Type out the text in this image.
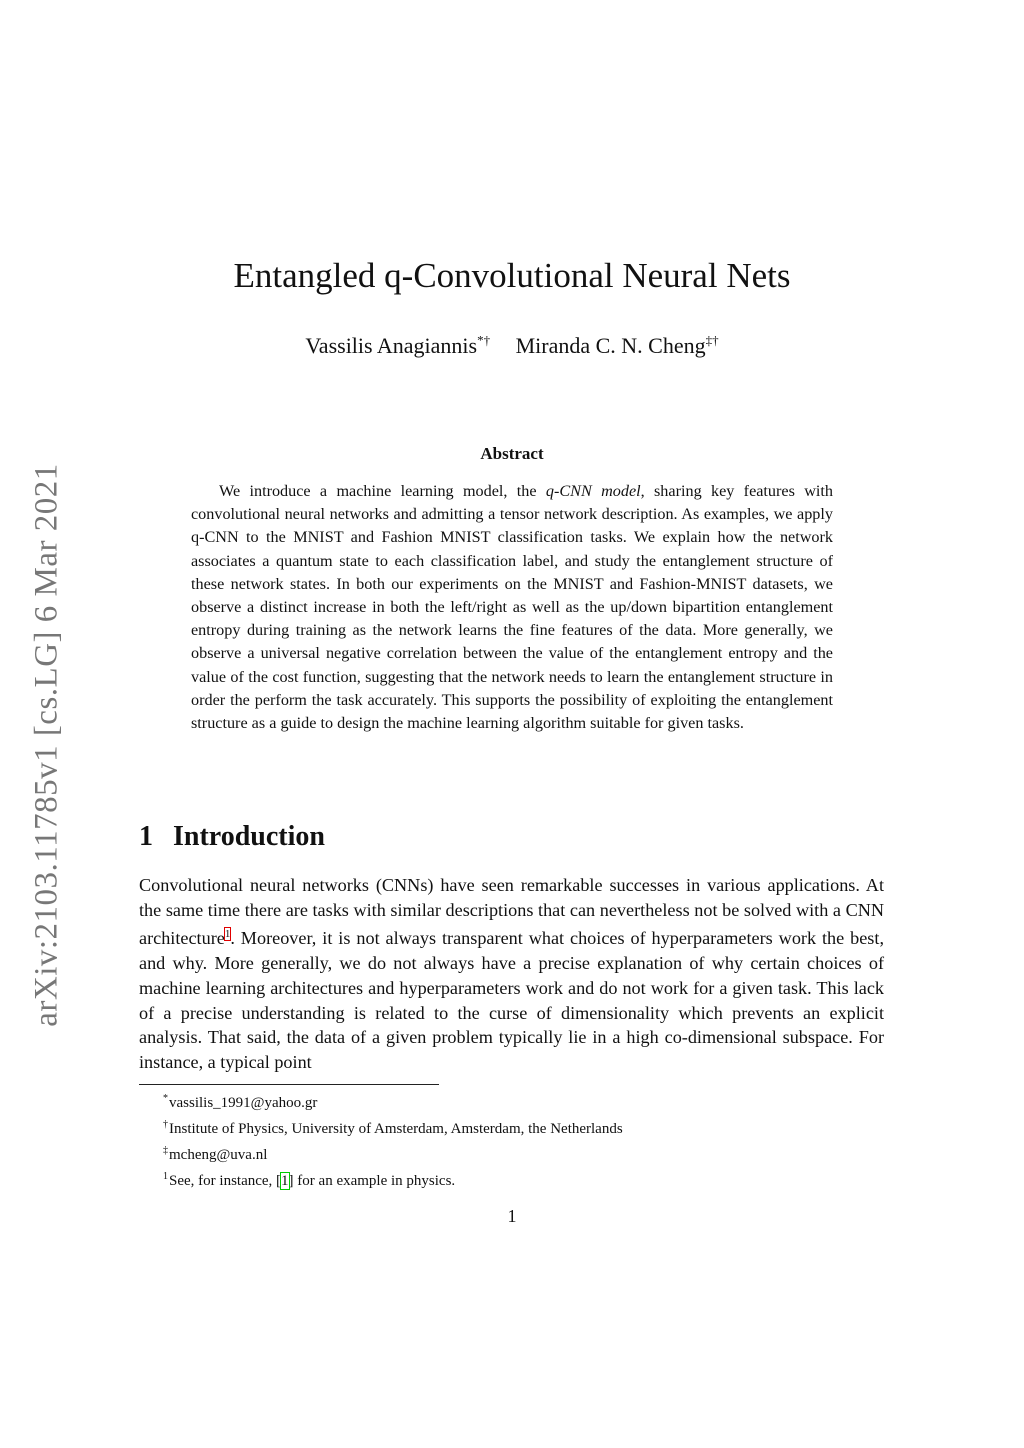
arXiv:2103.11785v1 [cs.LG] 6 Mar 2021
Entangled q-Convolutional Neural Nets
Vassilis Anagiannis*† Miranda C. N. Cheng‡†
Abstract

We introduce a machine learning model, the q-CNN model, sharing key features with convolutional neural networks and admitting a tensor network description. As examples, we apply q-CNN to the MNIST and Fashion MNIST classification tasks. We explain how the network associates a quantum state to each classification label, and study the entanglement structure of these network states. In both our experiments on the MNIST and Fashion-MNIST datasets, we observe a distinct increase in both the left/right as well as the up/down bipartition entanglement entropy during training as the network learns the fine features of the data. More generally, we observe a universal negative correlation between the value of the entanglement entropy and the value of the cost function, suggesting that the network needs to learn the entanglement structure in order the perform the task accurately. This supports the possibility of exploiting the entanglement structure as a guide to design the machine learning algorithm suitable for given tasks.

1 Introduction

Convolutional neural networks (CNNs) have seen remarkable successes in various applications. At the same time there are tasks with similar descriptions that can nevertheless not be solved with a CNN architecture$^1$. Moreover, it is not always transparent what choices of hyperparameters work the best, and why. More generally, we do not always have a precise explanation of why certain choices of machine learning architectures and hyperparameters work and do not work for a given task. This lack of a precise understanding is related to the curse of dimensionality which prevents an explicit analysis. That said, the data of a given problem typically lie in a high co-dimensional subspace. For instance, a typical point

*vassilis_1991@yahoo.gr
†Institute of Physics, University of Amsterdam, Amsterdam, the Netherlands
‡mcheng@uva.nl
$^1$See, for instance, [1] for an example in physics.
1
